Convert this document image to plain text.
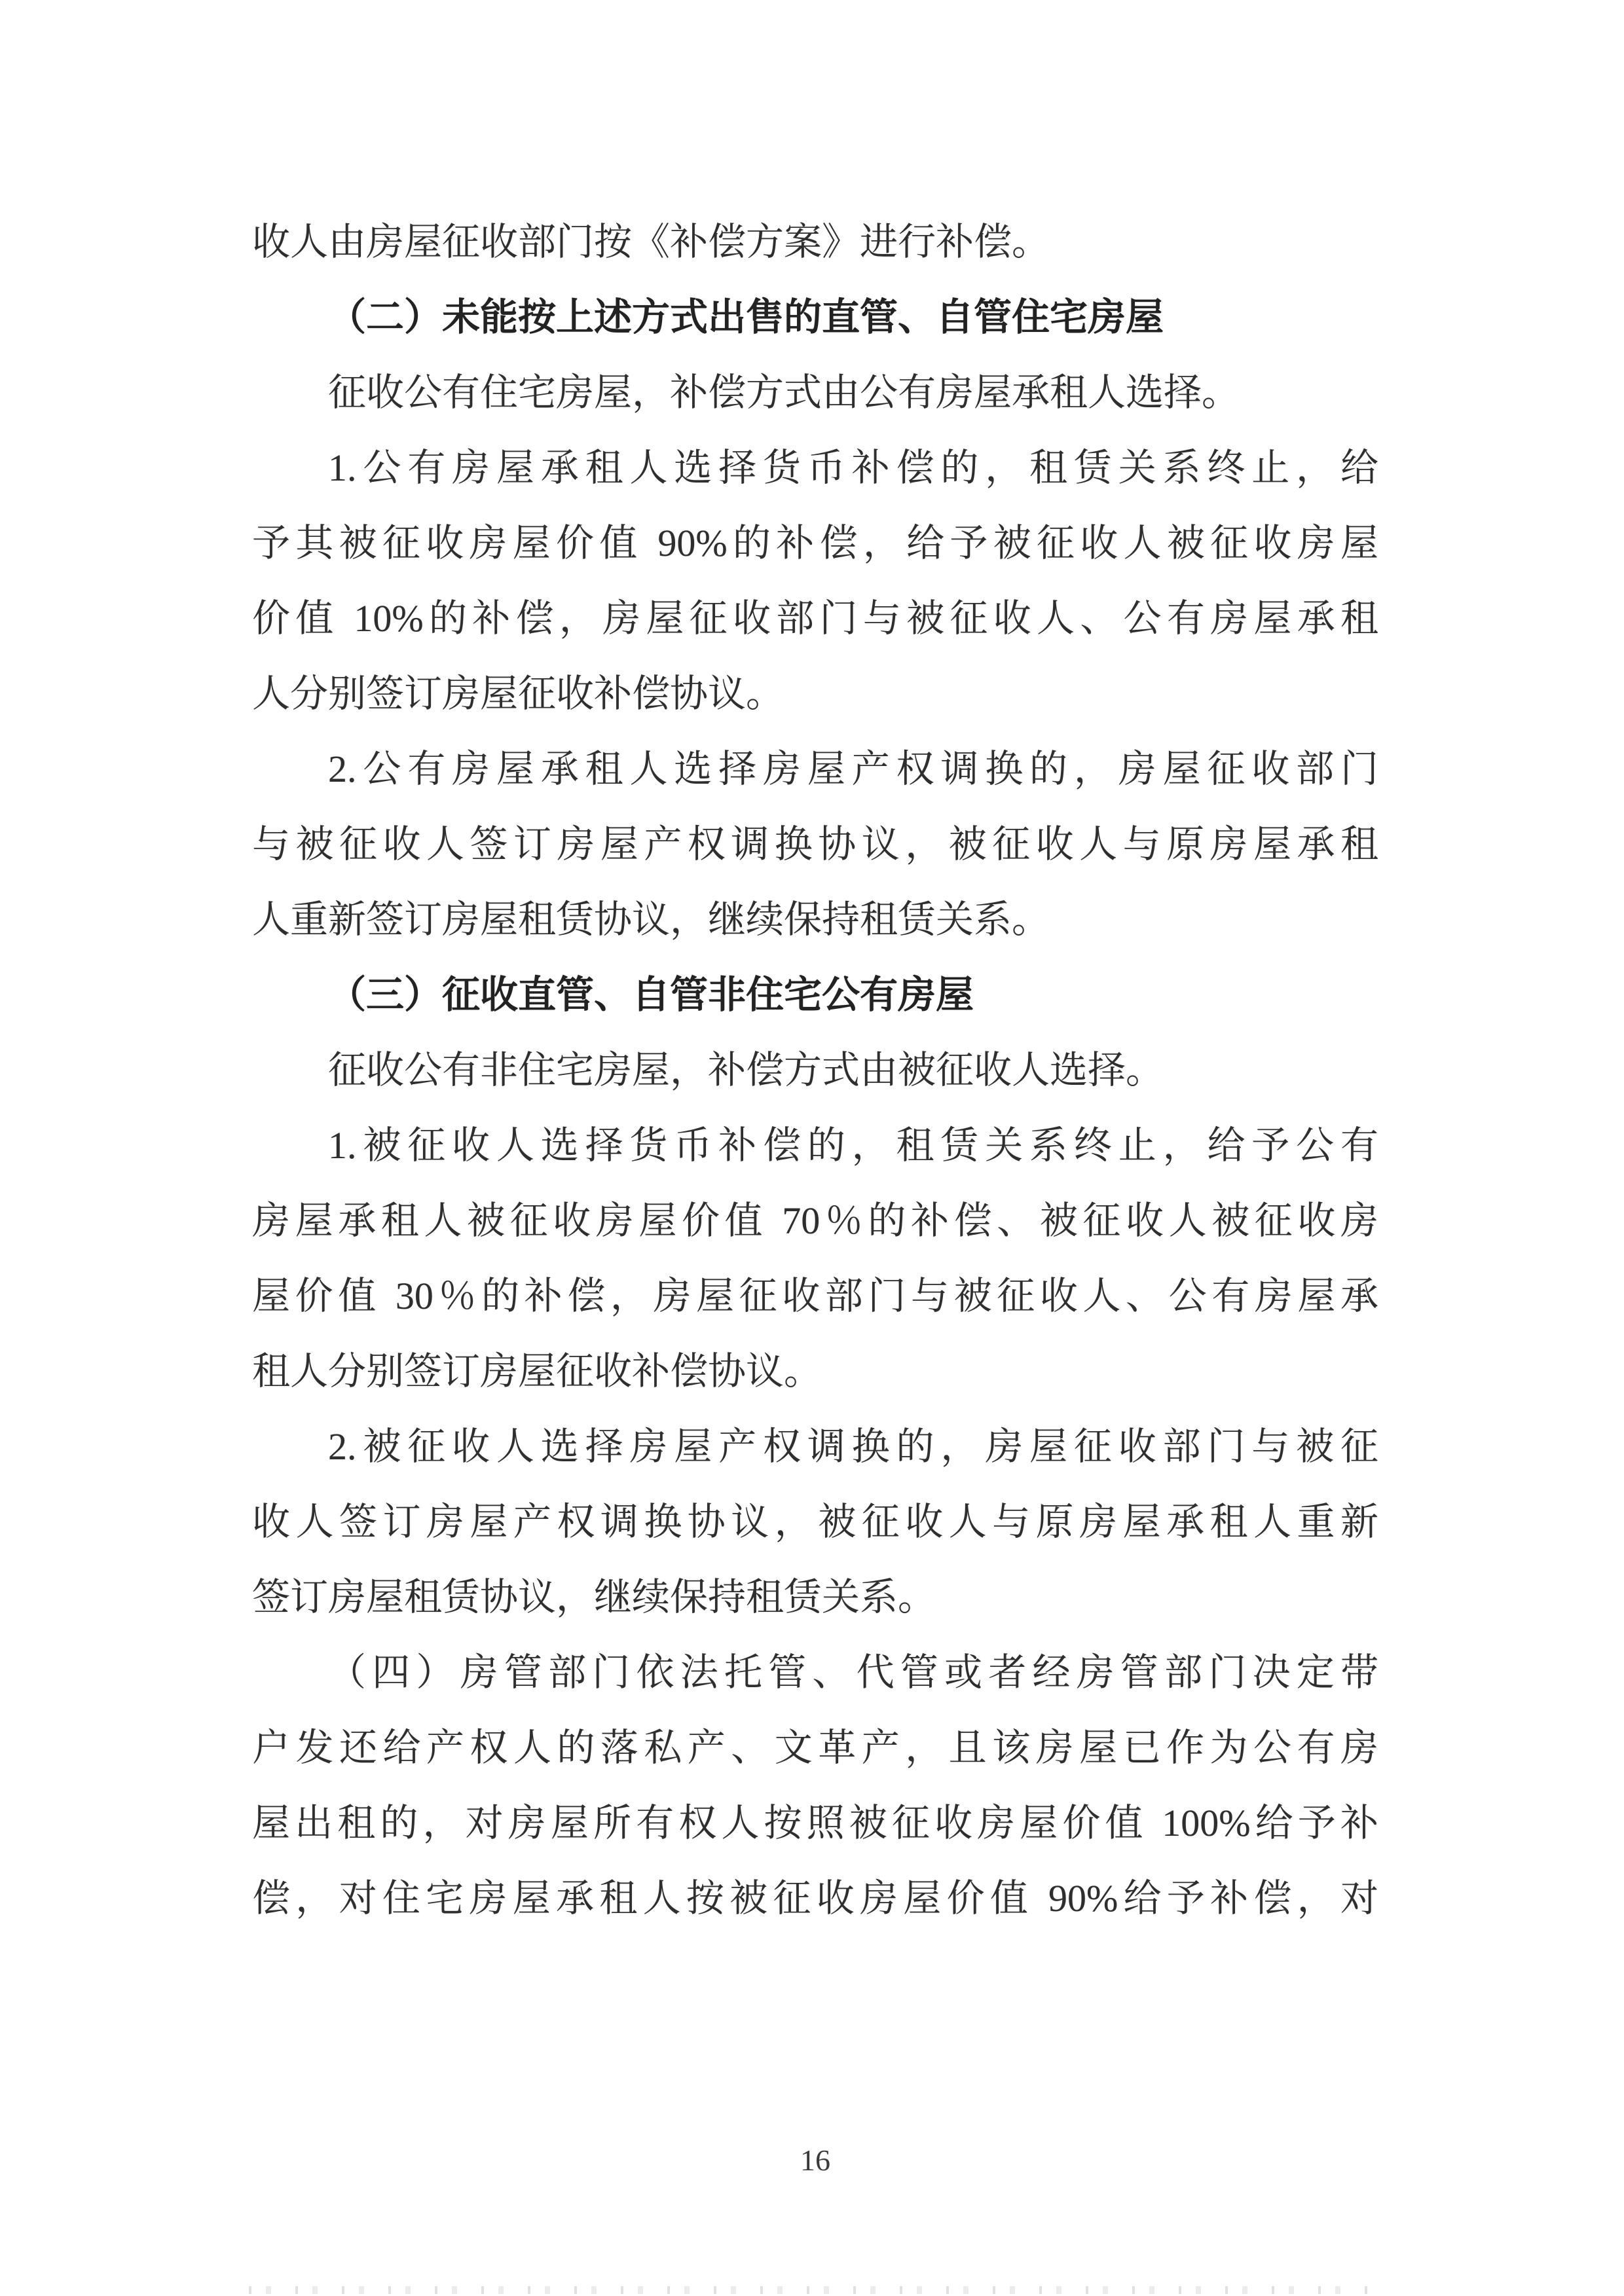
收人由房屋征收部门按《补偿方案》进行补偿。
（二）未能按上述方式出售的直管、自管住宅房屋
征收公有住宅房屋，补偿方式由公有房屋承租人选择。
1.公有房屋承租人选择货币补偿的，租赁关系终止，给
予其被征收房屋价值 90%的补偿，给予被征收人被征收房屋
价值 10%的补偿，房屋征收部门与被征收人、公有房屋承租
人分别签订房屋征收补偿协议。
2.公有房屋承租人选择房屋产权调换的，房屋征收部门
与被征收人签订房屋产权调换协议，被征收人与原房屋承租
人重新签订房屋租赁协议，继续保持租赁关系。
（三）征收直管、自管非住宅公有房屋
征收公有非住宅房屋，补偿方式由被征收人选择。
1.被征收人选择货币补偿的，租赁关系终止，给予公有
房屋承租人被征收房屋价值 70％的补偿、被征收人被征收房
屋价值 30％的补偿，房屋征收部门与被征收人、公有房屋承
租人分别签订房屋征收补偿协议。
2.被征收人选择房屋产权调换的，房屋征收部门与被征
收人签订房屋产权调换协议，被征收人与原房屋承租人重新
签订房屋租赁协议，继续保持租赁关系。
（四）房管部门依法托管、代管或者经房管部门决定带
户发还给产权人的落私产、文革产，且该房屋已作为公有房
屋出租的，对房屋所有权人按照被征收房屋价值 100%给予补
偿，对住宅房屋承租人按被征收房屋价值 90%给予补偿，对
16
